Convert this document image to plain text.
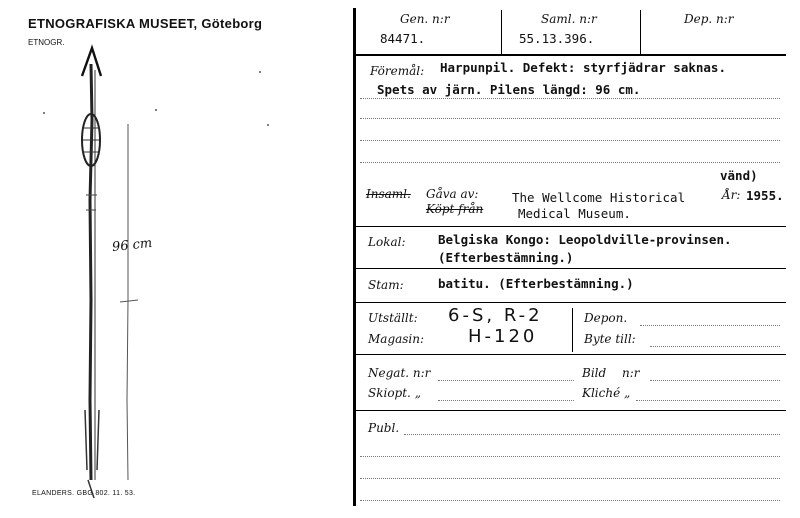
ETNOGRAFISKA MUSEET, Göteborg
ETNOGR.
96 cm
ELANDERS. GBG 802. 11. 53.
Gen. n:r	Saml. n:r	Dep. n:r
84471.	55.13.396.
Föremål: Harpunpil. Defekt: styrfjädrar saknas.
Spets av järn. Pilens längd: 96 cm.
Insaml. Gåva av:
Köpt från
The Wellcome Historical
Medical Museum.
vänd)
År: 1955.
Lokal:	Belgiska Kongo: Leopoldville-provinsen.
(Efterbestämning.)
Stam:	batitu. (Efterbestämning.)
Utställt: 6-S, R-2
Magasin: H-120
Depon.
Byte till:
Negat. n:r	Bild n:r
Skiopt. „	Kliché „
Publ.
